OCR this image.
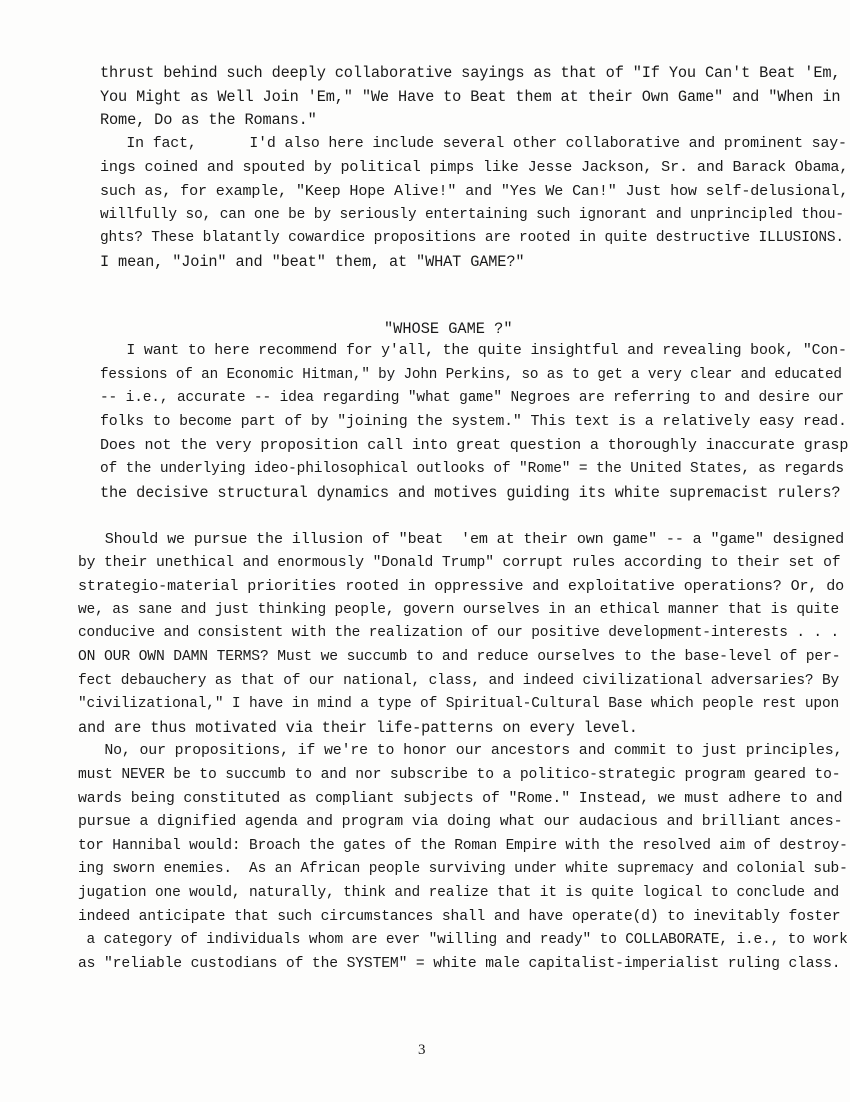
thrust behind such deeply collaborative sayings as that of "If You Can't Beat 'Em,
You Might as Well Join 'Em," "We Have to Beat them at their Own Game" and "When in
Rome, Do as the Romans."
In fact,      I'd also here include several other collaborative and prominent say-
ings coined and spouted by political pimps like Jesse Jackson, Sr. and Barack Obama,
such as, for example, "Keep Hope Alive!" and "Yes We Can!" Just how self-delusional,
willfully so, can one be by seriously entertaining such ignorant and unprincipled thou-
ghts? These blatantly cowardice propositions are rooted in quite destructive ILLUSIONS.
I mean, "Join" and "beat" them, at "WHAT GAME?"
"WHOSE GAME ?"
I want to here recommend for y'all, the quite insightful and revealing book, "Con-
fessions of an Economic Hitman," by John Perkins, so as to get a very clear and educated
-- i.e., accurate -- idea regarding "what game" Negroes are referring to and desire our
folks to become part of by "joining the system." This text is a relatively easy read.
Does not the very proposition call into great question a thoroughly inaccurate grasp
of the underlying ideo-philosophical outlooks of "Rome" = the United States, as regards
the decisive structural dynamics and motives guiding its white supremacist rulers?
Should we pursue the illusion of "beat  'em at their own game" -- a "game" designed
by their unethical and enormously "Donald Trump" corrupt rules according to their set of
strategio-material priorities rooted in oppressive and exploitative operations? Or, do
we, as sane and just thinking people, govern ourselves in an ethical manner that is quite
conducive and consistent with the realization of our positive development-interests . . .
ON OUR OWN DAMN TERMS? Must we succumb to and reduce ourselves to the base-level of per-
fect debauchery as that of our national, class, and indeed civilizational adversaries? By
"civilizational," I have in mind a type of Spiritual-Cultural Base which people rest upon
and are thus motivated via their life-patterns on every level.
No, our propositions, if we're to honor our ancestors and commit to just principles,
must NEVER be to succumb to and nor subscribe to a politico-strategic program geared to-
wards being constituted as compliant subjects of "Rome." Instead, we must adhere to and
pursue a dignified agenda and program via doing what our audacious and brilliant ances-
tor Hannibal would: Broach the gates of the Roman Empire with the resolved aim of destroy-
ing sworn enemies.  As an African people surviving under white supremacy and colonial sub-
jugation one would, naturally, think and realize that it is quite logical to conclude and
indeed anticipate that such circumstances shall and have operate(d) to inevitably foster
a category of individuals whom are ever "willing and ready" to COLLABORATE, i.e., to work
as "reliable custodians of the SYSTEM" = white male capitalist-imperialist ruling class.
3
